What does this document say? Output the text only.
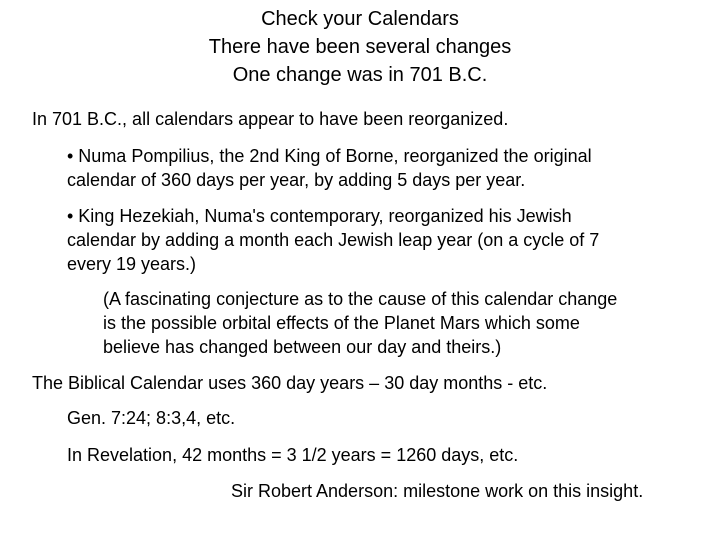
Check your Calendars
There have been several changes
One change was in 701 B.C.
In 701 B.C., all calendars appear to have been reorganized.
• Numa Pompilius, the 2nd King of Borne, reorganized the original
calendar of 360 days per year, by adding 5 days per year.
• King Hezekiah, Numa's contemporary, reorganized his Jewish
calendar by adding a month each Jewish leap year (on a cycle of 7
every 19 years.)
(A fascinating conjecture as to the cause of this calendar change
is the possible orbital effects of the Planet Mars which some
believe has changed between our day and theirs.)
The Biblical Calendar uses 360 day years – 30 day months - etc.
Gen. 7:24; 8:3,4, etc.
In Revelation, 42 months = 3 1/2 years = 1260 days, etc.
Sir Robert Anderson: milestone work on this insight.
